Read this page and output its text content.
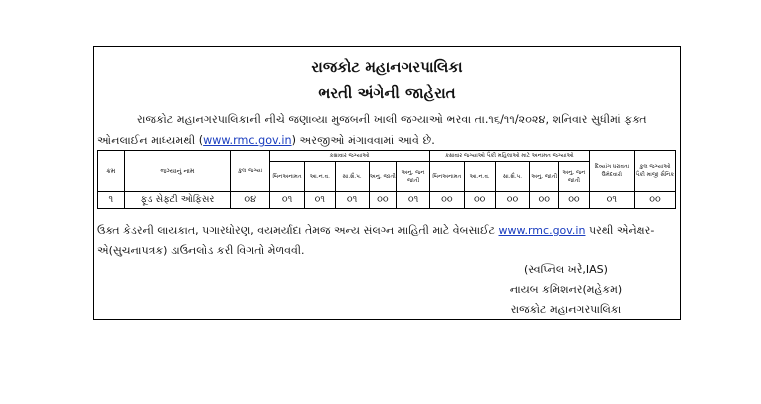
રાજકોટ મહાનગરપાલિકા
ભરતી અંગેની જાહેરાત
રાજકોટ મહાનગરપાલિકાની નીચે જણાવ્યા મુજબની ખાલી જગ્યાઓ ભરવા તા.૧૬/૧૧/૨૦૨૪, શનિવાર સુધીમાં ફક્ત
ઓનલાઈન માધ્યમથી (www.rmc.gov.in) અરજીઓ મંગાવવામાં આવે છે.
ક્રમ	જગ્યાનું નામ	કુલ જગ્યા	કક્ષાવાર જગ્યાઓ					કક્ષાવાર જગ્યાઓ પૈકી મહિલાઓ માટે અનામત જગ્યાઓ					દિવ્યાંગ ધરાવતા ઉમેદવારો	કુલ જગ્યાઓ પૈકી માજી સૈનિક
			બિનઅનામત	આ.ન.વ.	સા.શૈ.પ.	અનુ. જાતી	અનુ. જન જાતી	બિનઅનામત	આ.ન.વ.	સા.શૈ.પ.	અનુ. જાતી	અનુ. જન જાતી		
૧	ફૂડ સેફ્ટી ઓફિસર	૦૪	૦૧	૦૧	૦૧	૦૦	૦૧	૦૦	૦૦	૦૦	૦૦	૦૦	૦૧	૦૦
ઉક્ત કેડરની લાયકાત, પગારધોરણ, વયમર્યાદા તેમજ અન્ય સંલગ્ન માહિતી માટે વેબસાઈટ www.rmc.gov.in પરથી એનેક્ષર-એ(સુચનાપત્રક) ડાઉનલોડ કરી વિગતો મેળવવી.
(સ્વપ્નિલ ખરે,IAS)
નાયબ કમિશનર(મહેકમ)
રાજકોટ મહાનગરપાલિકા
